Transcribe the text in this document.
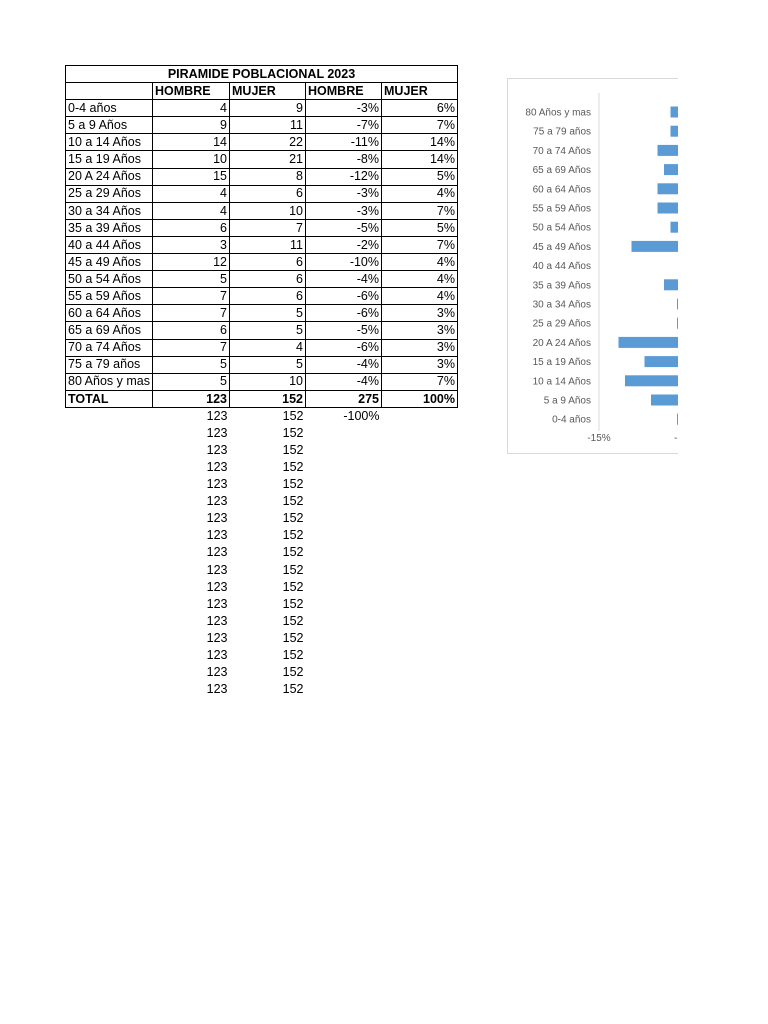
PIRAMIDE POBLACIONAL 2023				
	HOMBRE	MUJER	HOMBRE	MUJER
0-4 años	4	9	-3%	6%
5 a 9 Años	9	11	-7%	7%
10 a 14 Años	14	22	-11%	14%
15 a 19 Años	10	21	-8%	14%
20 A 24 Años	15	8	-12%	5%
25 a 29 Años	4	6	-3%	4%
30 a 34 Años	4	10	-3%	7%
35 a 39 Años	6	7	-5%	5%
40 a 44 Años	3	11	-2%	7%
45 a 49 Años	12	6	-10%	4%
50 a 54 Años	5	6	-4%	4%
55 a 59 Años	7	6	-6%	4%
60 a 64 Años	7	5	-6%	3%
65 a 69 Años	6	5	-5%	3%
70 a 74 Años	7	4	-6%	3%
75 a 79 años	5	5	-4%	3%
80 Años y mas	5	10	-4%	7%
TOTAL	123	152	275	100%
	123	152	-100%	
	123	152		
	123	152		
	123	152		
	123	152		
	123	152		
	123	152		
	123	152		
	123	152		
	123	152		
	123	152		
	123	152		
	123	152		
	123	152		
	123	152		
	123	152		
	123	152		
80 Años y mas
75 a 79 años
70 a 74 Años
65 a 69 Años
60 a 64 Años
55 a 59 Años
50 a 54 Años
45 a 49 Años
40 a 44 Años
35 a 39 Años
30 a 34 Años
25 a 29 Años
20 A 24 Años
15 a 19 Años
10 a 14 Años
5 a 9 Años
0-4 años
-15%	-
